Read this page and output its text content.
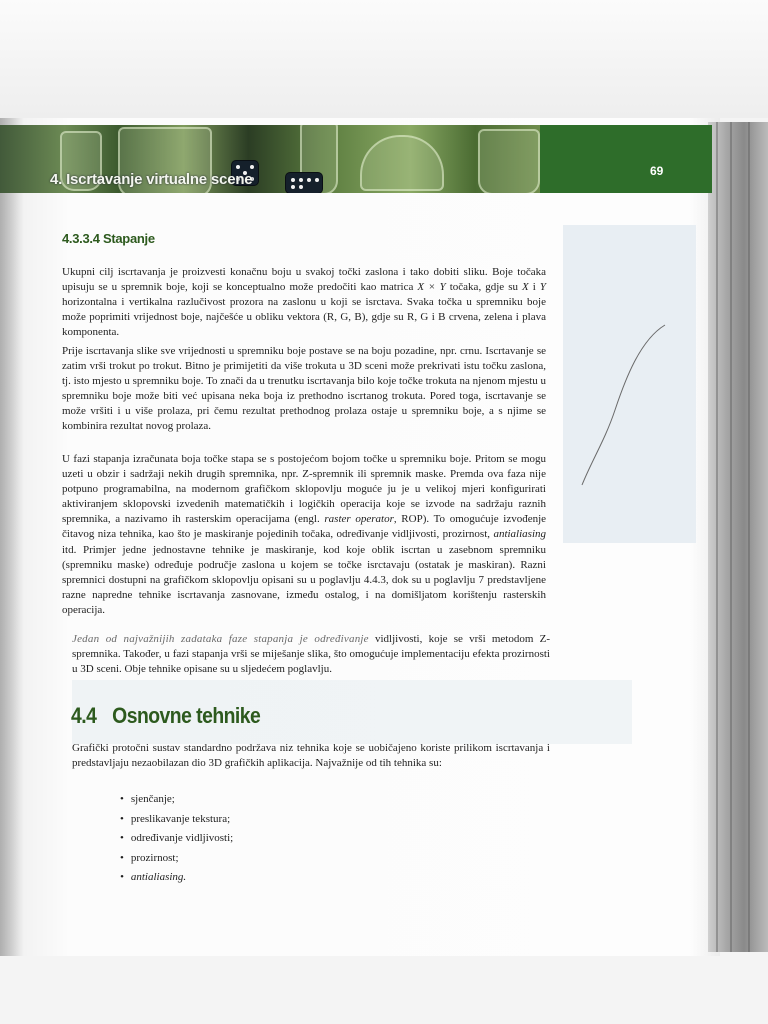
4. Iscrtavanje virtualne scene	69
4.3.3.4 Stapanje

Ukupni cilj iscrtavanja je proizvesti konačnu boju u svakoj točki zaslona i tako dobiti sliku. Boje točaka upisuju se u spremnik boje, koji se konceptualno može predočiti kao matrica X × Y točaka, gdje su X i Y horizontalna i vertikalna razlučivost prozora na zaslonu u koji se isrctava. Svaka točka u spremniku boje može poprimiti vrijednost boje, najčešće u obliku vektora (R, G, B), gdje su R, G i B crvena, zelena i plava komponenta.

Prije iscrtavanja slike sve vrijednosti u spremniku boje postave se na boju pozadine, npr. crnu. Iscrtavanje se zatim vrši trokut po trokut. Bitno je primijetiti da više trokuta u 3D sceni može prekrivati istu točku zaslona, tj. isto mjesto u spremniku boje. To znači da u trenutku iscrtavanja bilo koje točke trokuta na njenom mjestu u spremniku boje može biti već upisana neka boja iz prethodno iscrtanog trokuta. Pored toga, iscrtavanje se može vršiti i u više prolaza, pri čemu rezultat prethodnog prolaza ostaje u spremniku boje, a s njime se kombinira rezultat novog prolaza.

U fazi stapanja izračunata boja točke stapa se s postojećom bojom točke u spremniku boje. Pritom se mogu uzeti u obzir i sadržaji nekih drugih spremnika, npr. Z-spremnik ili spremnik maske. Premda ova faza nije potpuno programabilna, na modernom grafičkom sklopovlju moguće ju je u velikoj mjeri konfigurirati aktiviranjem sklopovski izvedenih matematičkih i logičkih operacija koje se izvode na sadržaju raznih spremnika, a nazivamo ih rasterskim operacijama (engl. raster operator, ROP). To omogućuje izvođenje čitavog niza tehnika, kao što je maskiranje pojedinih točaka, određivanje vidljivosti, prozirnost, antialiasing itd. Primjer jedne jednostavne tehnike je maskiranje, kod koje oblik iscrtan u zasebnom spremniku (spremniku maske) određuje područje zaslona u kojem se točke isrctavaju (ostatak je maskiran). Razni spremnici dostupni na grafičkom sklopovlju opisani su u poglavlju 4.4.3, dok su u poglavlju 7 predstavljene razne napredne tehnike iscrtavanja zasnovane, između ostalog, i na domišljatom korištenju rasterskih operacija.

Jedan od najvažnijih zadataka faze stapanja je određivanje vidljivosti, koje se vrši metodom Z-spremnika. Također, u fazi stapanja vrši se miješanje slika, što omogućuje implementaciju efekta prozirnosti u 3D sceni. Obje tehnike opisane su u sljedećem poglavlju.

4.4 Osnovne tehnike

Grafički protočni sustav standardno podržava niz tehnika koje se uobičajeno koriste prilikom iscrtavanja i predstavljaju nezaobilazan dio 3D grafičkih aplikacija. Najvažnije od tih tehnika su:

• sjenčanje;
• preslikavanje tekstura;
• određivanje vidljivosti;
• prozirnost;
• antialiasing.
